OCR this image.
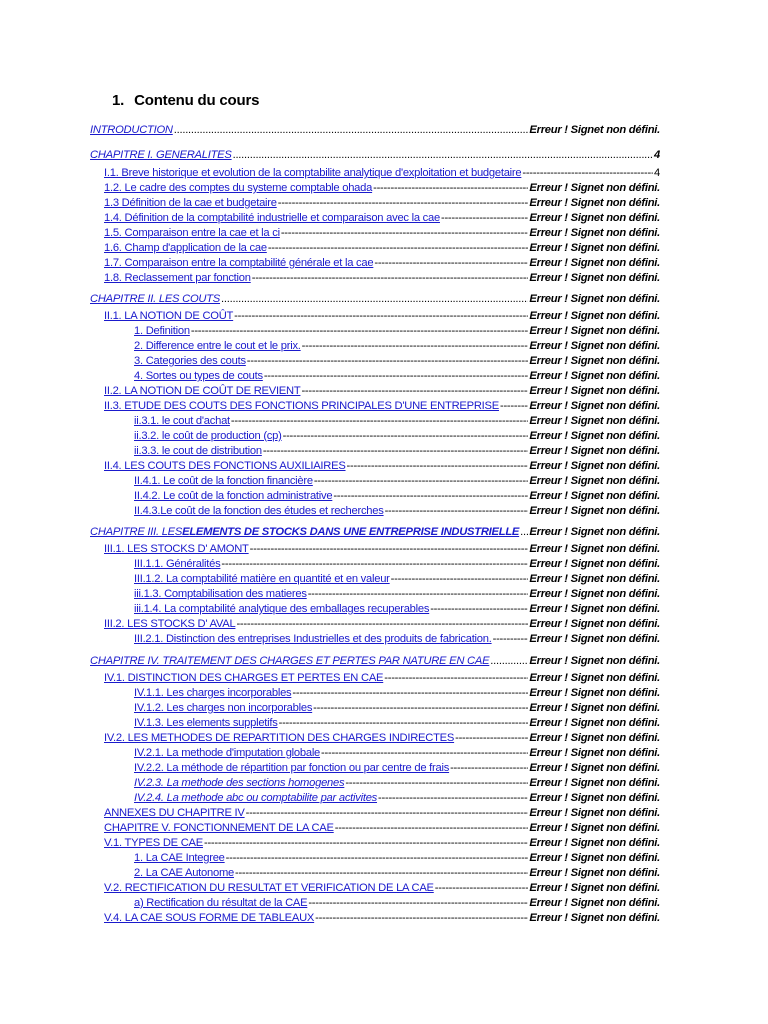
1. Contenu du cours
INTRODUCTION .....	Erreur ! Signet non défini.
CHAPITRE I. GENERALITES .....	4
I.1. Breve historique et evolution de la comptabilite analytique d'exploitation et budgetaire -----	4
1.2. Le cadre des comptes du systeme comptable ohada -----	Erreur ! Signet non défini.
1.3 Définition de la cae et budgetaire -----	Erreur ! Signet non défini.
1.4. Définition de la comptabilité industrielle et comparaison avec la cae -----	Erreur ! Signet non défini.
1.5. Comparaison entre la cae et la ci -----	Erreur ! Signet non défini.
1.6. Champ d'application de la cae -----	Erreur ! Signet non défini.
1.7. Comparaison entre la comptabilité générale et la cae -----	Erreur ! Signet non défini.
1.8. Reclassement par fonction -----	Erreur ! Signet non défini.
CHAPITRE II. LES COUTS .....	Erreur ! Signet non défini.
II.1. LA NOTION DE COÛT -----	Erreur ! Signet non défini.
1. Definition -----	Erreur ! Signet non défini.
2. Difference entre le cout et le prix. -----	Erreur ! Signet non défini.
3. Categories des couts -----	Erreur ! Signet non défini.
4. Sortes ou types de couts -----	Erreur ! Signet non défini.
II.2. LA NOTION DE COÛT DE REVIENT -----	Erreur ! Signet non défini.
II.3. ETUDE DES COUTS DES FONCTIONS PRINCIPALES D'UNE ENTREPRISE -----	Erreur ! Signet non défini.
ii.3.1. le cout d'achat -----	Erreur ! Signet non défini.
ii.3.2. le coût de production (cp) -----	Erreur ! Signet non défini.
ii.3.3. le cout de distribution -----	Erreur ! Signet non défini.
II.4. LES COUTS DES FONCTIONS AUXILIAIRES -----	Erreur ! Signet non défini.
II.4.1. Le coût de la fonction financière -----	Erreur ! Signet non défini.
II.4.2. Le coût de la fonction administrative -----	Erreur ! Signet non défini.
II.4.3.Le coût de la fonction des études et recherches -----	Erreur ! Signet non défini.
CHAPITRE III. LES ELEMENTS DE STOCKS DANS UNE ENTREPRISE INDUSTRIELLE ..... Erreur ! Signet non défini.
III.1. LES STOCKS D' AMONT -----	Erreur ! Signet non défini.
III.1.1. Généralités -----	Erreur ! Signet non défini.
III.1.2. La comptabilité matière en quantité et en valeur -----	Erreur ! Signet non défini.
iii.1.3. Comptabilisation des matieres -----	Erreur ! Signet non défini.
iii.1.4. La comptabilité analytique des emballages recuperables -----	Erreur ! Signet non défini.
III.2. LES STOCKS D' AVAL -----	Erreur ! Signet non défini.
III.2.1. Distinction des entreprises Industrielles et des produits de fabrication. -----	Erreur ! Signet non défini.
CHAPITRE IV. TRAITEMENT DES CHARGES ET PERTES PAR NATURE EN CAE .....	Erreur ! Signet non défini.
IV.1. DISTINCTION DES CHARGES ET PERTES EN CAE -----	Erreur ! Signet non défini.
IV.1.1. Les charges incorporables -----	Erreur ! Signet non défini.
IV.1.2. Les charges non incorporables -----	Erreur ! Signet non défini.
IV.1.3. Les elements suppletifs -----	Erreur ! Signet non défini.
IV.2. LES METHODES DE REPARTITION DES CHARGES INDIRECTES -----	Erreur ! Signet non défini.
IV.2.1. La methode d'imputation globale -----	Erreur ! Signet non défini.
IV.2.2. La méthode de répartition par fonction ou par centre de frais -----	Erreur ! Signet non défini.
IV.2.3. La methode des sections homogenes -----	Erreur ! Signet non défini.
IV.2.4. La methode abc ou comptabilite par activites -----	Erreur ! Signet non défini.
ANNEXES DU CHAPITRE IV -----	Erreur ! Signet non défini.
CHAPITRE V. FONCTIONNEMENT DE LA CAE -----	Erreur ! Signet non défini.
V.1. TYPES DE CAE -----	Erreur ! Signet non défini.
1. La CAE Integree -----	Erreur ! Signet non défini.
2. La CAE Autonome -----	Erreur ! Signet non défini.
V.2. RECTIFICATION DU RESULTAT ET VERIFICATION DE LA CAE -----	Erreur ! Signet non défini.
a) Rectification du résultat de la CAE -----	Erreur ! Signet non défini.
V.4. LA CAE SOUS FORME DE TABLEAUX -----	Erreur ! Signet non défini.
